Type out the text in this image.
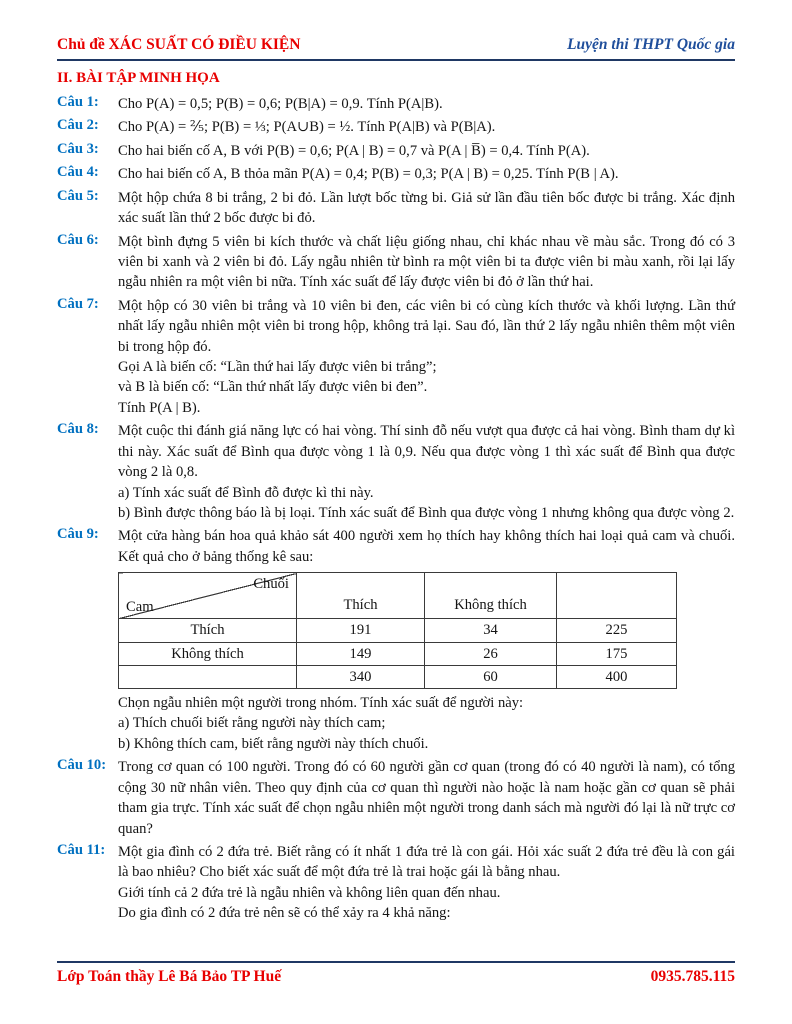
Chủ đề XÁC SUẤT CÓ ĐIỀU KIỆN	Luyện thi THPT Quốc gia
II. BÀI TẬP MINH HỌA
Câu 1:	Cho P(A) = 0,5; P(B) = 0,6; P(B|A) = 0,9. Tính P(A|B).
Câu 2:	Cho P(A) = ⅖; P(B) = ⅓; P(A∪B) = ½. Tính P(A|B) và P(B|A).
Câu 3:	Cho hai biến cố A, B với P(B) = 0,6; P(A | B) = 0,7 và P(A | B̅) = 0,4. Tính P(A).
Câu 4:	Cho hai biến cố A, B thỏa mãn P(A) = 0,4; P(B) = 0,3; P(A | B) = 0,25. Tính P(B | A).
Câu 5:	Một hộp chứa 8 bi trắng, 2 bi đỏ. Lần lượt bốc từng bi. Giả sử lần đầu tiên bốc được bi trắng. Xác định xác suất lần thứ 2 bốc được bi đỏ.
Câu 6:	Một bình đựng 5 viên bi kích thước và chất liệu giống nhau, chỉ khác nhau về màu sắc. Trong đó có 3 viên bi xanh và 2 viên bi đỏ. Lấy ngẫu nhiên từ bình ra một viên bi ta được viên bi màu xanh, rồi lại lấy ngẫu nhiên ra một viên bi nữa. Tính xác suất để lấy được viên bi đỏ ở lần thứ hai.
Câu 7:	Một hộp có 30 viên bi trắng và 10 viên bi đen, các viên bi có cùng kích thước và khối lượng. Lần thứ nhất lấy ngẫu nhiên một viên bi trong hộp, không trả lại. Sau đó, lần thứ 2 lấy ngẫu nhiên thêm một viên bi trong hộp đó.
Gọi A là biến cố: “Lần thứ hai lấy được viên bi trắng”;
và B là biến cố: “Lần thứ nhất lấy được viên bi đen”.
Tính P(A | B).
Câu 8:	Một cuộc thi đánh giá năng lực có hai vòng. Thí sinh đỗ nếu vượt qua được cả hai vòng. Bình tham dự kì thi này. Xác suất để Bình qua được vòng 1 là 0,9. Nếu qua được vòng 1 thì xác suất để Bình qua được vòng 2 là 0,8.
a) Tính xác suất để Bình đỗ được kì thi này.
b) Bình được thông báo là bị loại. Tính xác suất để Bình qua được vòng 1 nhưng không qua được vòng 2.
Câu 9:	Một cửa hàng bán hoa quả khảo sát 400 người xem họ thích hay không thích hai loại quả cam và chuối. Kết quả cho ở bảng thống kê sau:
Chuối
Cam	Thích	Không thích	
Thích	191	34	225
Không thích	149	26	175
	340	60	400
Chọn ngẫu nhiên một người trong nhóm. Tính xác suất để người này:
a) Thích chuối biết rằng người này thích cam;
b) Không thích cam, biết rằng người này thích chuối.
Câu 10: Trong cơ quan có 100 người. Trong đó có 60 người gần cơ quan (trong đó có 40 người là nam), có tổng cộng 30 nữ nhân viên. Theo quy định của cơ quan thì người nào hoặc là nam hoặc gần cơ quan sẽ phải tham gia trực. Tính xác suất để chọn ngẫu nhiên một người trong danh sách mà người đó lại là nữ trực cơ quan?
Câu 11: Một gia đình có 2 đứa trẻ. Biết rằng có ít nhất 1 đứa trẻ là con gái. Hỏi xác suất 2 đứa trẻ đều là con gái là bao nhiêu? Cho biết xác suất để một đứa trẻ là trai hoặc gái là bằng nhau.
Giới tính cả 2 đứa trẻ là ngẫu nhiên và không liên quan đến nhau.
Do gia đình có 2 đứa trẻ nên sẽ có thể xảy ra 4 khả năng:
Lớp Toán thầy Lê Bá Bảo TP Huế	0935.785.115
